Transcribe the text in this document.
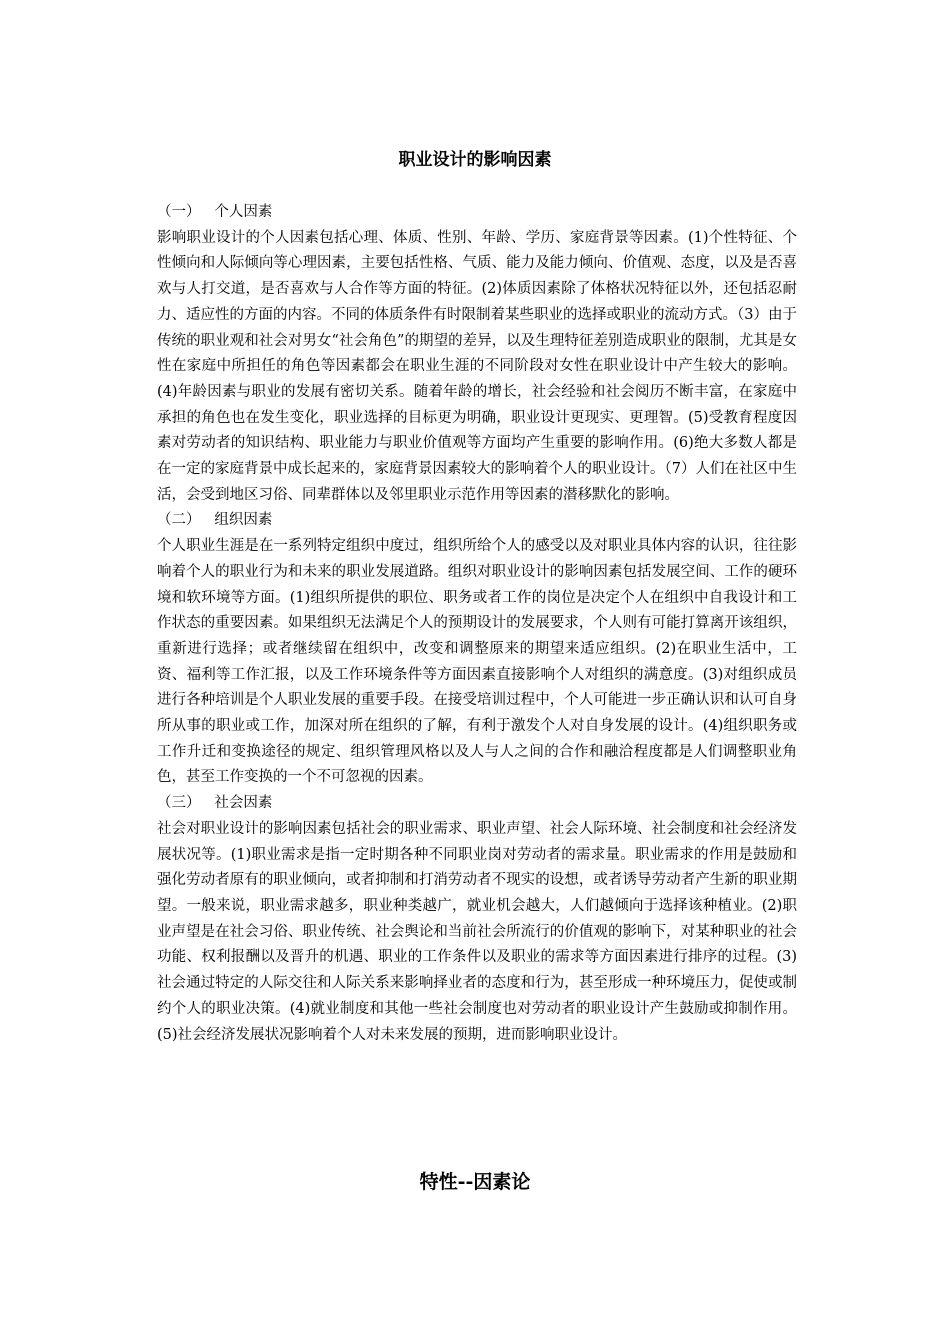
职业设计的影响因素

（一）   个人因素

影响职业设计的个人因素包括心理、体质、性别、年龄、学历、家庭背景等因素。(1)个性特征、个性倾向和人际倾向等心理因素，主要包括性格、气质、能力及能力倾向、价值观、态度，以及是否喜欢与人打交道，是否喜欢与人合作等方面的特征。(2)体质因素除了体格状况特征以外，还包括忍耐力、适应性的方面的内容。不同的体质条件有时限制着某些职业的选择或职业的流动方式。（3）由于传统的职业观和社会对男女“社会角色”的期望的差异，以及生理特征差别造成职业的限制，尤其是女性在家庭中所担任的角色等因素都会在职业生涯的不同阶段对女性在职业设计中产生较大的影响。(4)年龄因素与职业的发展有密切关系。随着年龄的增长，社会经验和社会阅历不断丰富，在家庭中承担的角色也在发生变化，职业选择的目标更为明确，职业设计更现实、更理智。(5)受教育程度因素对劳动者的知识结构、职业能力与职业价值观等方面均产生重要的影响作用。(6)绝大多数人都是在一定的家庭背景中成长起来的，家庭背景因素较大的影响着个人的职业设计。（7）人们在社区中生活，会受到地区习俗、同辈群体以及邻里职业示范作用等因素的潜移默化的影响。

（二）   组织因素

个人职业生涯是在一系列特定组织中度过，组织所给个人的感受以及对职业具体内容的认识，往往影响着个人的职业行为和未来的职业发展道路。组织对职业设计的影响因素包括发展空间、工作的硬环境和软环境等方面。(1)组织所提供的职位、职务或者工作的岗位是决定个人在组织中自我设计和工作状态的重要因素。如果组织无法满足个人的预期设计的发展要求，个人则有可能打算离开该组织，重新进行选择；或者继续留在组织中，改变和调整原来的期望来适应组织。(2)在职业生活中，工资、福利等工作汇报，以及工作环境条件等方面因素直接影响个人对组织的满意度。(3)对组织成员进行各种培训是个人职业发展的重要手段。在接受培训过程中，个人可能进一步正确认识和认可自身所从事的职业或工作，加深对所在组织的了解，有利于激发个人对自身发展的设计。(4)组织职务或工作升迁和变换途径的规定、组织管理风格以及人与人之间的合作和融洽程度都是人们调整职业角色，甚至工作变换的一个不可忽视的因素。

（三）   社会因素

社会对职业设计的影响因素包括社会的职业需求、职业声望、社会人际环境、社会制度和社会经济发展状况等。(1)职业需求是指一定时期各种不同职业岗对劳动者的需求量。职业需求的作用是鼓励和强化劳动者原有的职业倾向，或者抑制和打消劳动者不现实的设想，或者诱导劳动者产生新的职业期望。一般来说，职业需求越多，职业种类越广，就业机会越大，人们越倾向于选择该种植业。(2)职业声望是在社会习俗、职业传统、社会舆论和当前社会所流行的价值观的影响下，对某种职业的社会功能、权利报酬以及晋升的机遇、职业的工作条件以及职业的需求等方面因素进行排序的过程。(3)社会通过特定的人际交往和人际关系来影响择业者的态度和行为，甚至形成一种环境压力，促使或制约个人的职业决策。(4)就业制度和其他一些社会制度也对劳动者的职业设计产生鼓励或抑制作用。(5)社会经济发展状况影响着个人对未来发展的预期，进而影响职业设计。

特性--因素论
